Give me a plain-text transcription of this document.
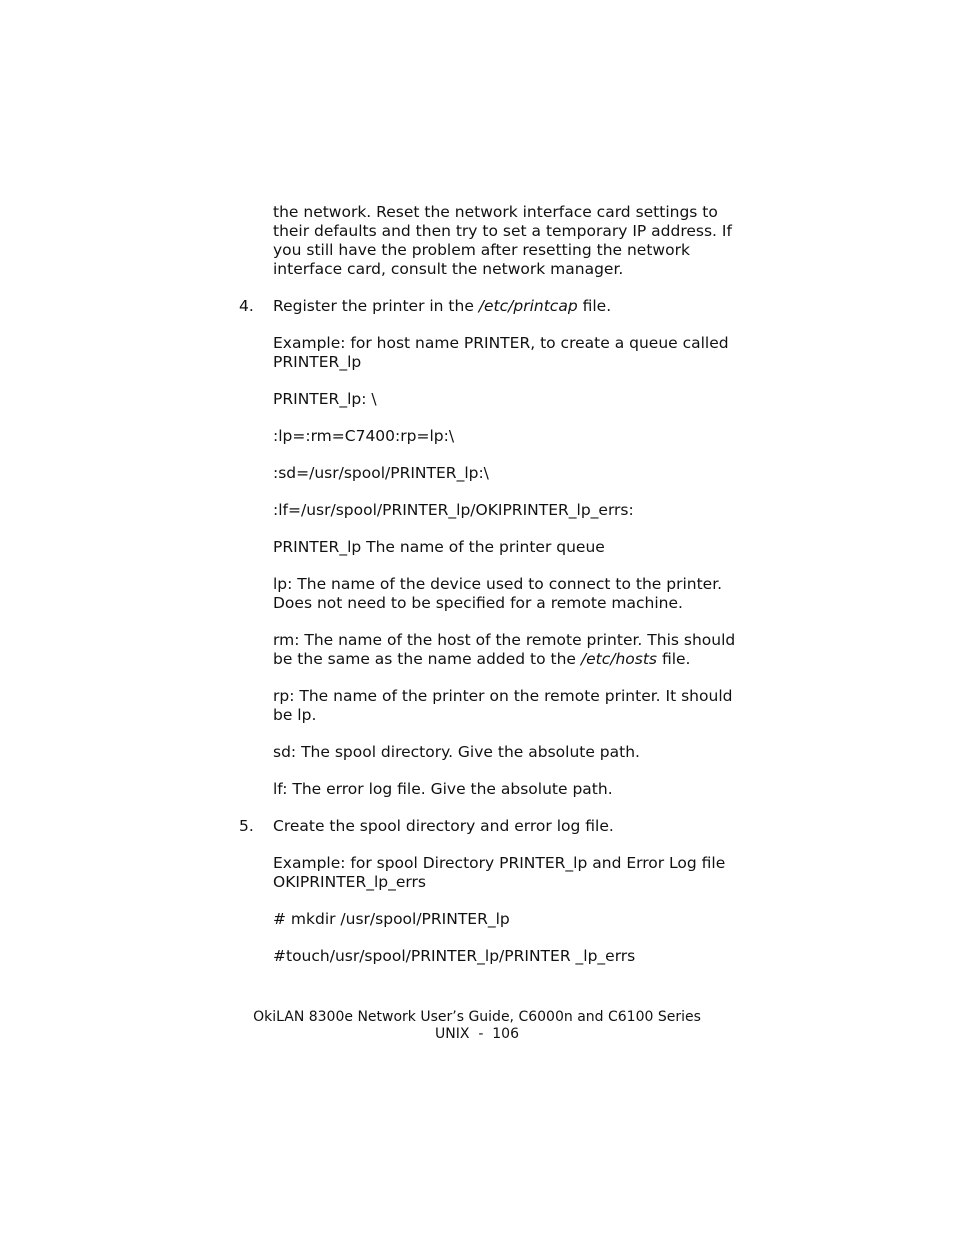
the network. Reset the network interface card settings to
their defaults and then try to set a temporary IP address. If
you still have the problem after resetting the network
interface card, consult the network manager.
4. Register the printer in the /etc/printcap file.
Example: for host name PRINTER, to create a queue called
PRINTER_lp
PRINTER_lp: \
:lp=:rm=C7400:rp=lp:\
:sd=/usr/spool/PRINTER_lp:\
:lf=/usr/spool/PRINTER_lp/OKIPRINTER_lp_errs:
PRINTER_lp The name of the printer queue
lp: The name of the device used to connect to the printer.
Does not need to be specified for a remote machine.
rm: The name of the host of the remote printer. This should
be the same as the name added to the /etc/hosts file.
rp: The name of the printer on the remote printer. It should
be lp.
sd: The spool directory. Give the absolute path.
lf: The error log file. Give the absolute path.
5. Create the spool directory and error log file.
Example: for spool Directory PRINTER_lp and Error Log file
OKIPRINTER_lp_errs
# mkdir /usr/spool/PRINTER_lp
#touch/usr/spool/PRINTER_lp/PRINTER _lp_errs
OkiLAN 8300e Network User’s Guide, C6000n and C6100 Series
UNIX  -  106
